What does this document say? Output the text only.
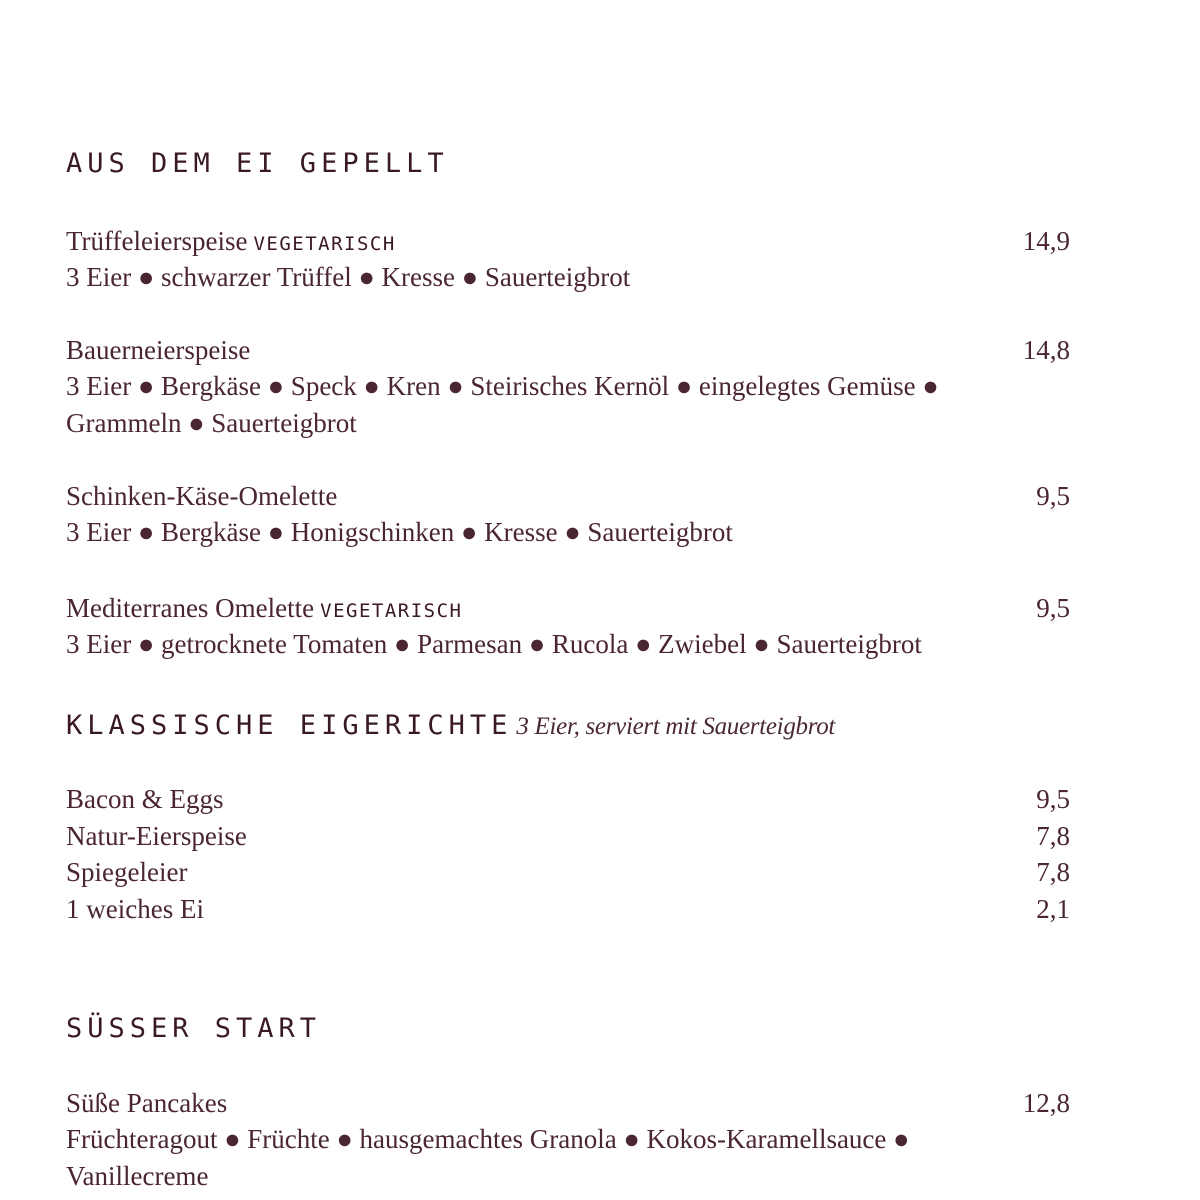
AUS DEM EI GEPELLT
Trüffeleierspeise VEGETARISCH	14,9
3 Eier ● schwarzer Trüffel ● Kresse ● Sauerteigbrot
Bauerneierspeise	14,8
3 Eier ● Bergkäse ● Speck ● Kren ● Steirisches Kernöl ● eingelegtes Gemüse ● Grammeln ● Sauerteigbrot
Schinken-Käse-Omelette	9,5
3 Eier ● Bergkäse ● Honigschinken ● Kresse ● Sauerteigbrot
Mediterranes Omelette VEGETARISCH	9,5
3 Eier ● getrocknete Tomaten ● Parmesan ● Rucola ● Zwiebel ● Sauerteigbrot
KLASSISCHE EIGERICHTE 3 Eier, serviert mit Sauerteigbrot
Bacon & Eggs	9,5
Natur-Eierspeise	7,8
Spiegeleier	7,8
1 weiches Ei	2,1
SÜSSER START
Süße Pancakes	12,8
Früchteragout ● Früchte ● hausgemachtes Granola ● Kokos-Karamellsauce ● Vanillecreme
